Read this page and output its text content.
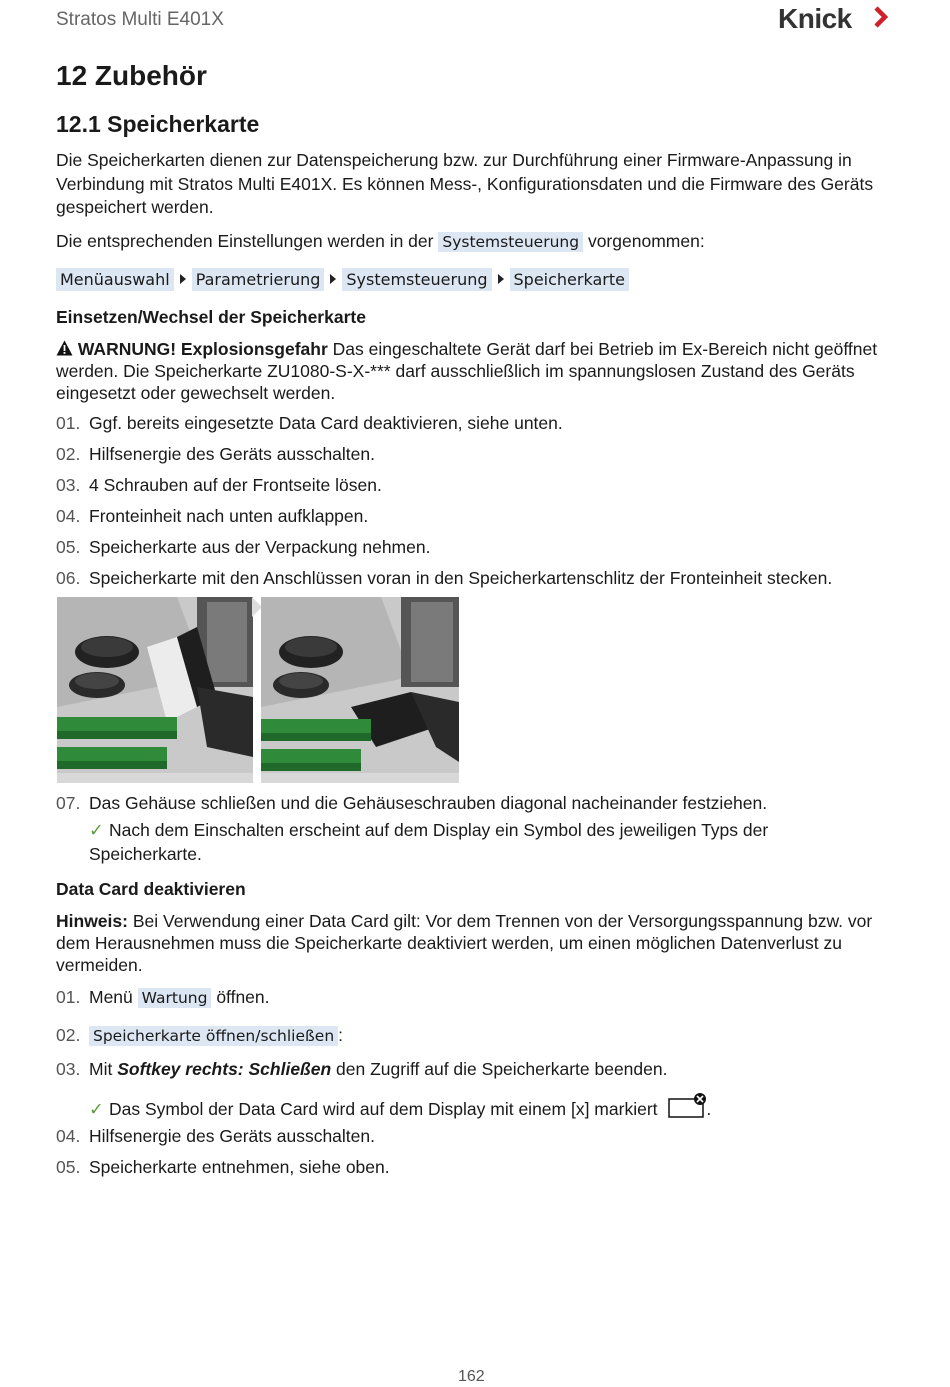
Stratos Multi E401X	Knick
12 Zubehör
12.1 Speicherkarte
Die Speicherkarten dienen zur Datenspeicherung bzw. zur Durchführung einer Firmware-Anpassung in Verbindung mit Stratos Multi E401X. Es können Mess-, Konfigurationsdaten und die Firmware des Geräts gespeichert werden.
Die entsprechenden Einstellungen werden in der Systemsteuerung vorgenommen:
Menüauswahl Parametrierung Systemsteuerung Speicherkarte
Einsetzen/Wechsel der Speicherkarte
WARNUNG! Explosionsgefahr Das eingeschaltete Gerät darf bei Betrieb im Ex-Bereich nicht geöffnet werden. Die Speicherkarte ZU1080-S-X-*** darf ausschließlich im spannungslosen Zustand des Geräts eingesetzt oder gewechselt werden.
01. Ggf. bereits eingesetzte Data Card deaktivieren, siehe unten.
02. Hilfsenergie des Geräts ausschalten.
03. 4 Schrauben auf der Frontseite lösen.
04. Fronteinheit nach unten aufklappen.
05. Speicherkarte aus der Verpackung nehmen.
06. Speicherkarte mit den Anschlüssen voran in den Speicherkartenschlitz der Fronteinheit stecken.
07. Das Gehäuse schließen und die Gehäuseschrauben diagonal nacheinander festziehen.
✓ Nach dem Einschalten erscheint auf dem Display ein Symbol des jeweiligen Typs der Speicherkarte.
Data Card deaktivieren
Hinweis: Bei Verwendung einer Data Card gilt: Vor dem Trennen von der Versorgungsspannung bzw. vor dem Herausnehmen muss die Speicherkarte deaktiviert werden, um einen möglichen Datenverlust zu vermeiden.
01. Menü Wartung öffnen.
02. Speicherkarte öffnen/schließen :
03. Mit Softkey rechts: Schließen den Zugriff auf die Speicherkarte beenden.
✓ Das Symbol der Data Card wird auf dem Display mit einem [x] markiert	.
04. Hilfsenergie des Geräts ausschalten.
05. Speicherkarte entnehmen, siehe oben.
162
